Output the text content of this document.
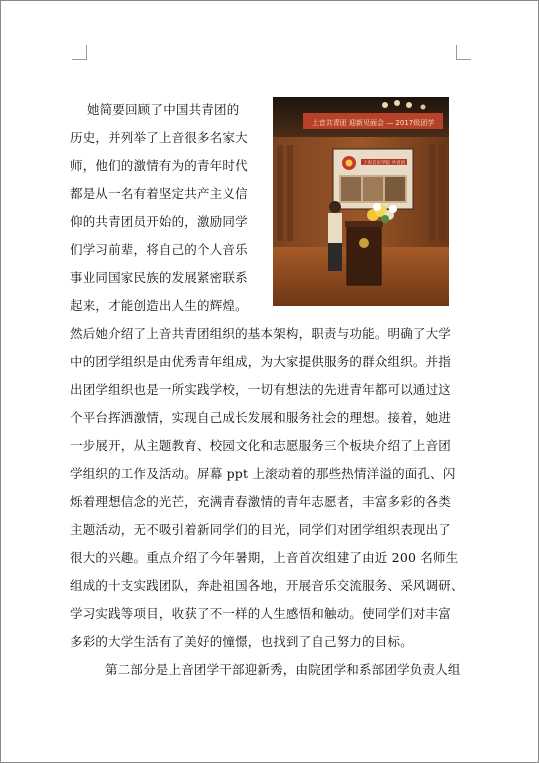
上音共青团 迎新见面会 — 2017级团学
上海音乐学院 共青团
她简要回顾了中国共青团的
历史，并列举了上音很多名家大
师，他们的激情有为的青年时代
都是从一名有着坚定共产主义信
仰的共青团员开始的，激励同学
们学习前辈，将自己的个人音乐
事业同国家民族的发展紧密联系
起来，才能创造出人生的辉煌。
然后她介绍了上音共青团组织的基本架构，职责与功能。明确了大学
中的团学组织是由优秀青年组成，为大家提供服务的群众组织。并指
出团学组织也是一所实践学校，一切有想法的先进青年都可以通过这
个平台挥洒激情，实现自己成长发展和服务社会的理想。接着，她进
一步展开，从主题教育、校园文化和志愿服务三个板块介绍了上音团
学组织的工作及活动。屏幕 ppt 上滚动着的那些热情洋溢的面孔、闪
烁着理想信念的光芒，充满青春激情的青年志愿者，丰富多彩的各类
主题活动，无不吸引着新同学们的目光，同学们对团学组织表现出了
很大的兴趣。重点介绍了今年暑期，上音首次组建了由近 200 名师生
组成的十支实践团队，奔赴祖国各地，开展音乐交流服务、采风调研、
学习实践等项目，收获了不一样的人生感悟和触动。使同学们对丰富
多彩的大学生活有了美好的憧憬，也找到了自己努力的目标。
第二部分是上音团学干部迎新秀，由院团学和系部团学负责人组
